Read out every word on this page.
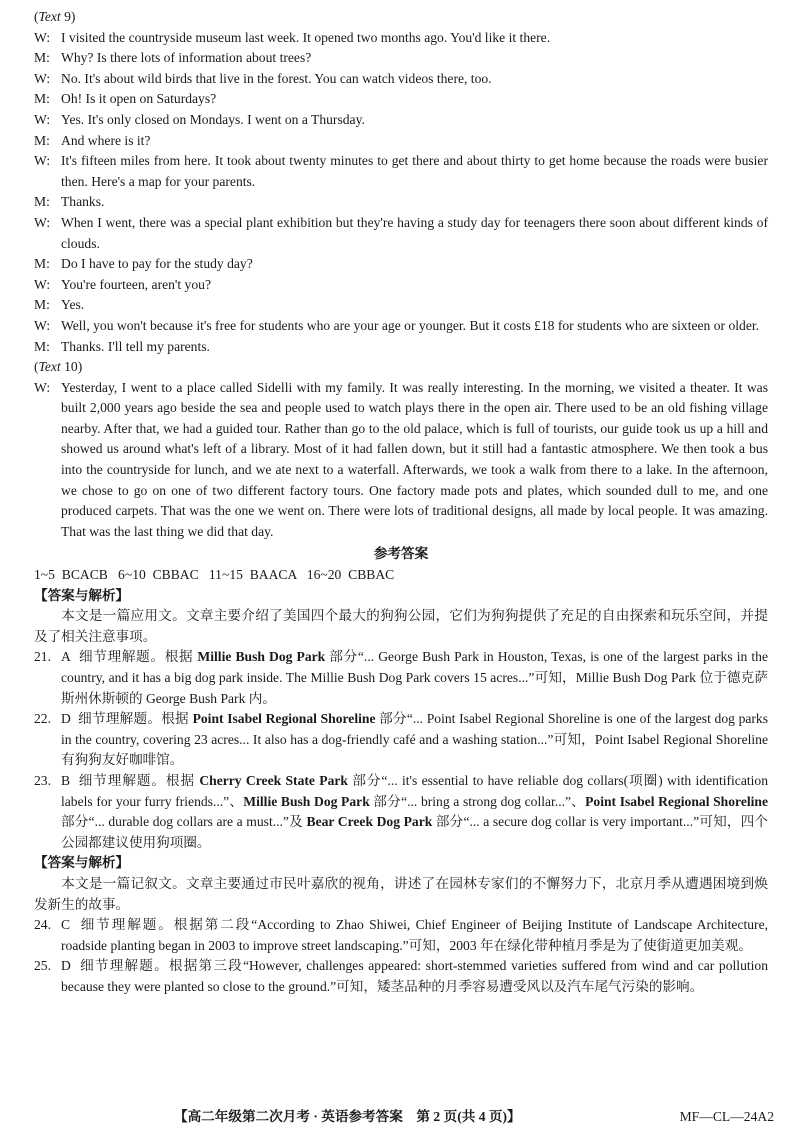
(Text 9)
W: I visited the countryside museum last week. It opened two months ago. You'd like it there.
M: Why? Is there lots of information about trees?
W: No. It's about wild birds that live in the forest. You can watch videos there, too.
M: Oh! Is it open on Saturdays?
W: Yes. It's only closed on Mondays. I went on a Thursday.
M: And where is it?
W: It's fifteen miles from here. It took about twenty minutes to get there and about thirty to get home because the roads were busier then. Here's a map for your parents.
M: Thanks.
W: When I went, there was a special plant exhibition but they're having a study day for teenagers there soon about different kinds of clouds.
M: Do I have to pay for the study day?
W: You're fourteen, aren't you?
M: Yes.
W: Well, you won't because it's free for students who are your age or younger. But it costs £18 for students who are sixteen or older.
M: Thanks. I'll tell my parents.
(Text 10)
W: Yesterday, I went to a place called Sidelli with my family. It was really interesting. In the morning, we visited a theater. It was built 2,000 years ago beside the sea and people used to watch plays there in the open air. There used to be an old fishing village nearby. After that, we had a guided tour. Rather than go to the old palace, which is full of tourists, our guide took us up a hill and showed us around what's left of a library. Most of it had fallen down, but it still had a fantastic atmosphere. We then took a bus into the countryside for lunch, and we ate next to a waterfall. Afterwards, we took a walk from there to a lake. In the afternoon, we chose to go on one of two different factory tours. One factory made pots and plates, which sounded dull to me, and one produced carpets. That was the one we went on. There were lots of traditional designs, all made by local people. It was amazing. That was the last thing we did that day.
参考答案
1~5 BCACB 6~10 CBBAC 11~15 BAACA 16~20 CBBAC
【答案与解析】
本文是一篇应用文。文章主要介绍了美国四个最大的狗狗公园，它们为狗狗提供了充足的自由探索和玩乐空间，并提及了相关注意事项。
21. A 细节理解题。根据 Millie Bush Dog Park 部分“... George Bush Park in Houston, Texas, is one of the largest parks in the country, and it has a big dog park inside. The Millie Bush Dog Park covers 15 acres...”可知，Millie Bush Dog Park 位于德克萨斯州休斯顿的 George Bush Park 内。
22. D 细节理解题。根据 Point Isabel Regional Shoreline 部分“... Point Isabel Regional Shoreline is one of the largest dog parks in the country, covering 23 acres... It also has a dog-friendly café and a washing station...”可知，Point Isabel Regional Shoreline 有狗狗友好咖啡馆。
23. B 细节理解题。根据 Cherry Creek State Park 部分“... it's essential to have reliable dog collars(项圈) with identification labels for your furry friends...”、Millie Bush Dog Park 部分“... bring a strong dog collar...”、Point Isabel Regional Shoreline 部分“... durable dog collars are a must...”及 Bear Creek Dog Park 部分“... a secure dog collar is very important...”可知，四个公园都建议使用狗项圈。
【答案与解析】
本文是一篇记叙文。文章主要通过市民叶嘉欣的视角，讲述了在园林专家们的不懈努力下，北京月季从遭遇困境到焕发新生的故事。
24. C 细节理解题。根据第二段“According to Zhao Shiwei, Chief Engineer of Beijing Institute of Landscape Architecture, roadside planting began in 2003 to improve street landscaping.”可知，2003 年在绿化带种植月季是为了使街道更加美观。
25. D 细节理解题。根据第三段“However, challenges appeared: short-stemmed varieties suffered from wind and car pollution because they were planted so close to the ground.”可知，矮茎品种的月季容易遭受风以及汽车尾气污染的影响。
【高二年级第二次月考 · 英语参考答案　第 2 页(共 4 页)】	MF—CL—24A2
